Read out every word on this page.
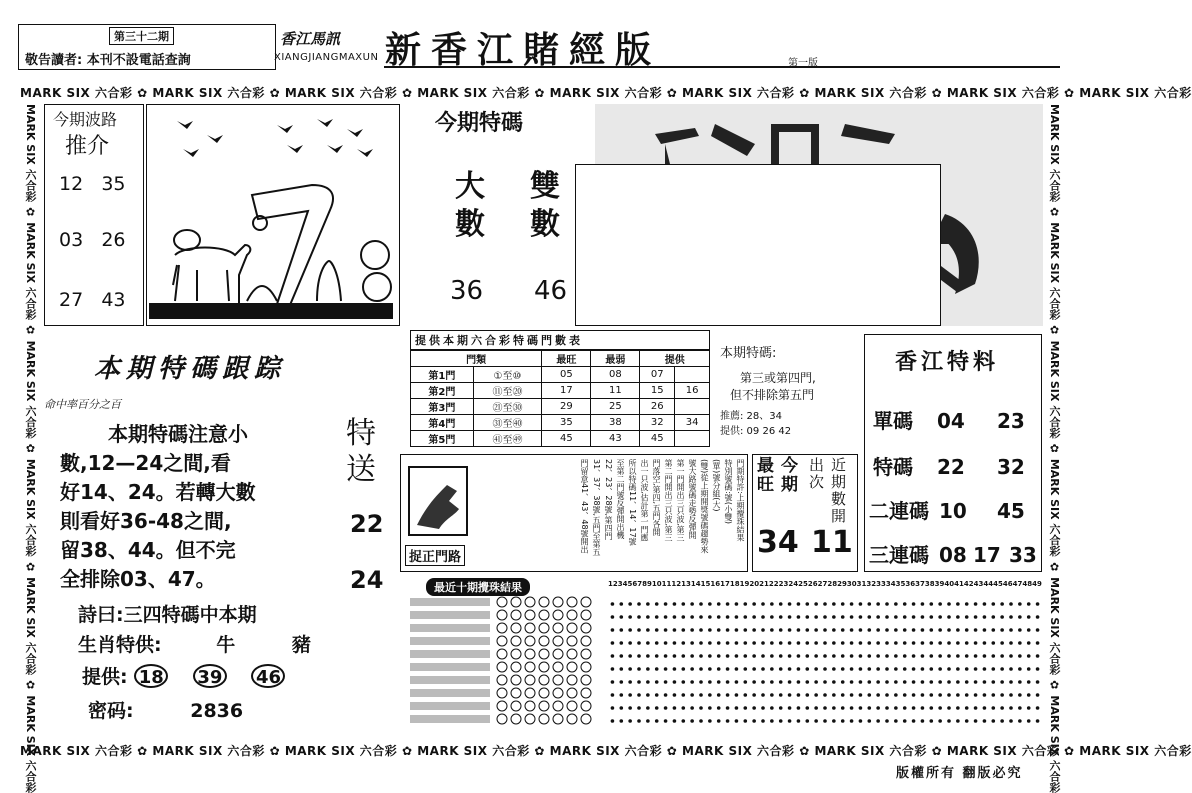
第三十二期
敬告讀者: 本刊不設電話查詢
香江馬訊
XIANGJIANGMAXUN 新香江賭經版	第一版
MARK SIX 六合彩 ✿ MARK SIX 六合彩 ✿ MARK SIX 六合彩 ✿ MARK SIX 六合彩 ✿ MARK SIX 六合彩 ✿ MARK SIX 六合彩 ✿ MARK SIX 六合彩 ✿ MARK SIX 六合彩 ✿ MARK SIX 六合彩
MARK SIX 六合彩 ✿ MARK SIX 六合彩 ✿ MARK SIX 六合彩 ✿ MARK SIX 六合彩 ✿ MARK SIX 六合彩 ✿ MARK SIX 六合彩 ✿ MARK SIX 六合彩 ✿ MARK SIX 六合彩 ✿ MARK SIX 六合彩
MARK SIX 六合彩 ✿ MARK SIX 六合彩 ✿ MARK SIX 六合彩 ✿ MARK SIX 六合彩 ✿ MARK SIX 六合彩 ✿ MARK SIX 六合彩
MARK SIX 六合彩 ✿ MARK SIX 六合彩 ✿ MARK SIX 六合彩 ✿ MARK SIX 六合彩 ✿ MARK SIX 六合彩 ✿ MARK SIX 六合彩
今期波路
推介
12 35
03 26
27 43
今期特碼
大數
雙數
36 46
本期特碼跟踪
命中率百分之百
本期特碼注意小
數,12—24之間,看
好14、24。若轉大數
則看好36-48之間,
留38、44。但不完
全排除03、47。
特送
22
24
詩曰:三四特碼中本期
生肖特供:	牛	豬
提供: 18 39 46
密码:	2836
提供本期六合彩特碼門數表
門類		最旺	最弱	提供	
第1門	①至⑩	05	08	07	
第2門	⑪至⑳	17	11	15	16
第3門	㉑至㉚	29	25	26	
第4門	㉛至㊵	35	38	32	34
第5門	㊶至㊾	45	43	45	
本期特碼:
第三或第四門,
但不排除第五門
推薦: 28、34
提供: 09 26 42
捉正門路
門期特許:上期攪珠結果
特別號碼:號(小雙)
(單)號分組(大)
(雙)從上期開獎號碼趨勢來
號大路號碼走勢反彈開
第一門開出三只波,第三
第二門開出三只波,第三
門落空,第四,五門各開
出一只波,估計第一門應
所以特碼11、14、17號
至第二門號反彈開出機
22、23、28號,第四門
31、37、38號,五門至第五
門留意41、43、48號開出	最旺
今期
出次
近期數開
34 11
香江特料
單碼 04 23
特碼 22 32
二連碼 10 45
三連碼 08 17 33
最近十期攪珠結果	1 2 3 4 5 6 7 8 9 10 11 12 13 14 15 16 17 18 19 20 21 22 23 24 25 26 27 28 29 30 31 32 33 34 35 36 37 38 39 40 41 42 43 44 45 46 47 48 49
版權所有 翻版必究
